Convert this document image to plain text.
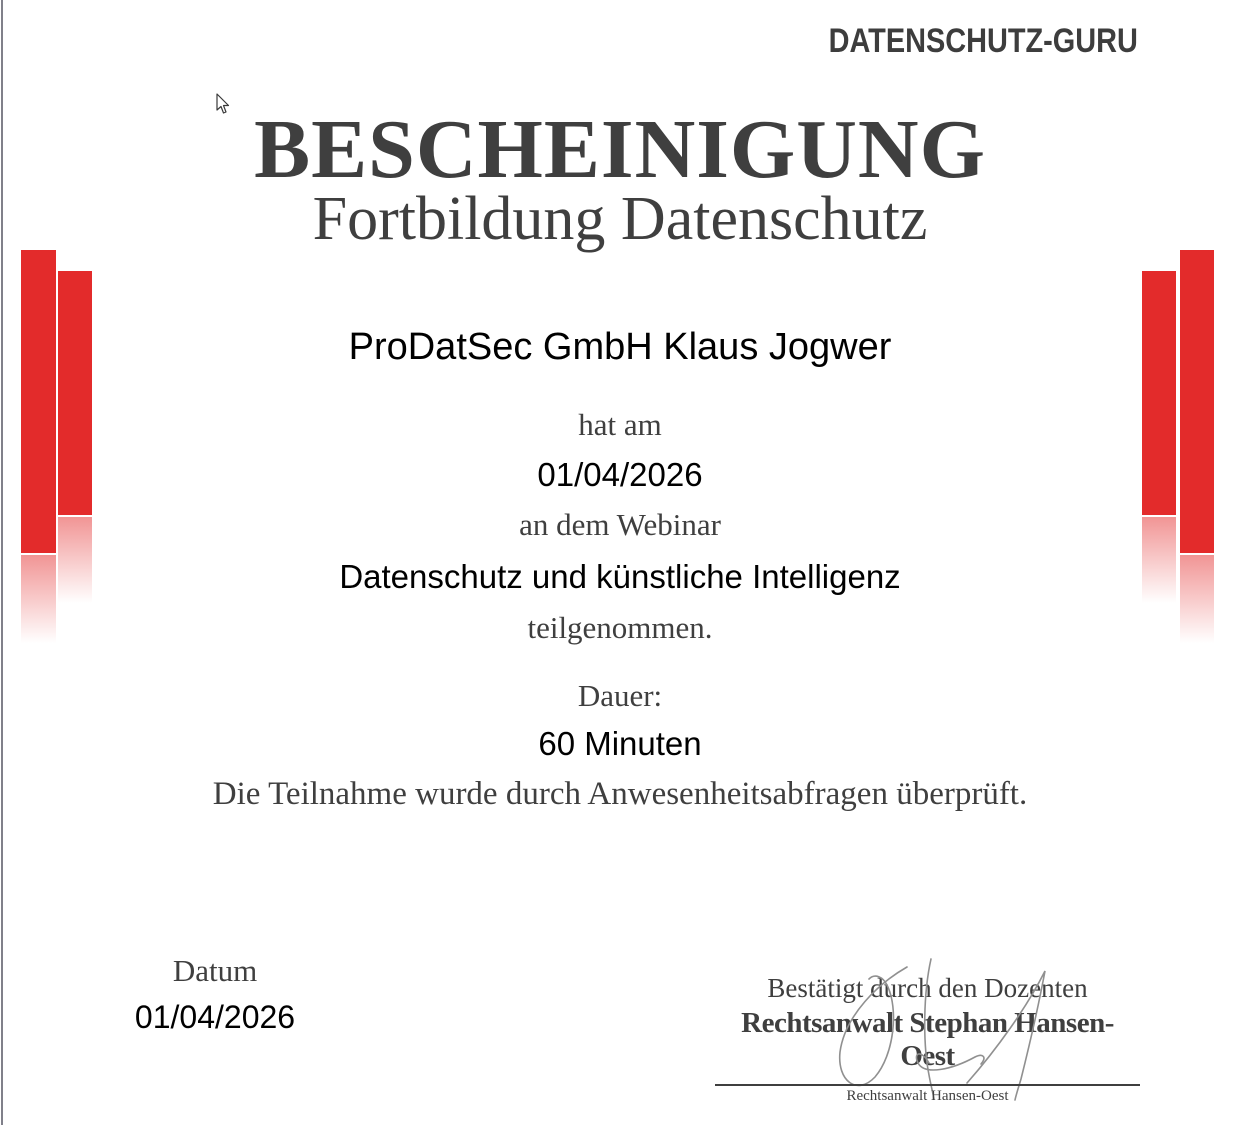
DATENSCHUTZ-GURU
BESCHEINIGUNG
Fortbildung Datenschutz
ProDatSec GmbH Klaus Jogwer
hat am
01/04/2026
an dem Webinar
Datenschutz und künstliche Intelligenz
teilgenommen.
Dauer:
60 Minuten
Die Teilnahme wurde durch Anwesenheitsabfragen überprüft.
Datum
01/04/2026
Bestätigt durch den Dozenten
Rechtsanwalt Stephan Hansen-Oest
Rechtsanwalt Hansen-Oest
